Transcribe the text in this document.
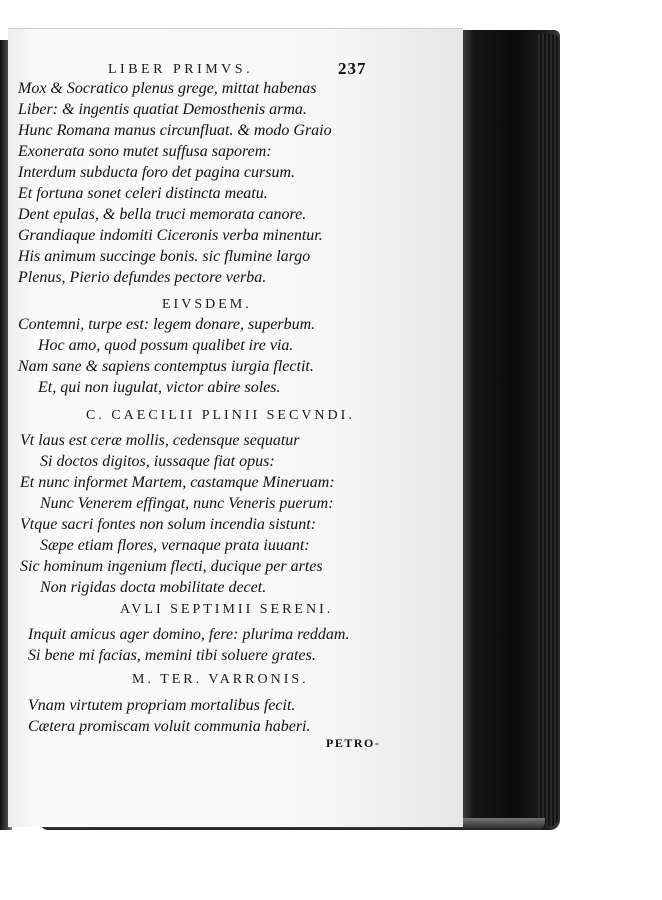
LIBER PRIMVS.	237
Mox & Socratico plenus grege, mittat habenas
Liber: & ingentis quatiat Demosthenis arma.
Hunc Romana manus circunfluat. & modo Graio
Exonerata sono mutet suffusa saporem:
Interdum subducta foro det pagina cursum.
Et fortuna sonet celeri distincta meatu.
Dent epulas, & bella truci memorata canore.
Grandiaque indomiti Ciceronis verba minentur.
His animum succinge bonis. sic flumine largo
Plenus, Pierio defundes pectore verba.
EIVSDEM.
Contemni, turpe est: legem donare, superbum.
Hoc amo, quod possum qualibet ire via.
Nam sane & sapiens contemptus iurgia flectit.
Et, qui non iugulat, victor abire soles.
C. CAECILII PLINII SECVNDI.
Vt laus est ceræ mollis, cedensque sequatur
Si doctos digitos, iussaque fiat opus:
Et nunc informet Martem, castamque Mineruam:
Nunc Venerem effingat, nunc Veneris puerum:
Vtque sacri fontes non solum incendia sistunt:
Sæpe etiam flores, vernaque prata iuuant:
Sic hominum ingenium flecti, ducique per artes
Non rigidas docta mobilitate decet.
AVLI SEPTIMII SERENI.
Inquit amicus ager domino, fere: plurima reddam.
Si bene mi facias, memini tibi soluere grates.
M. TER. VARRONIS.
Vnam virtutem propriam mortalibus fecit.
Cætera promiscam voluit communia haberi.
PETRO-
